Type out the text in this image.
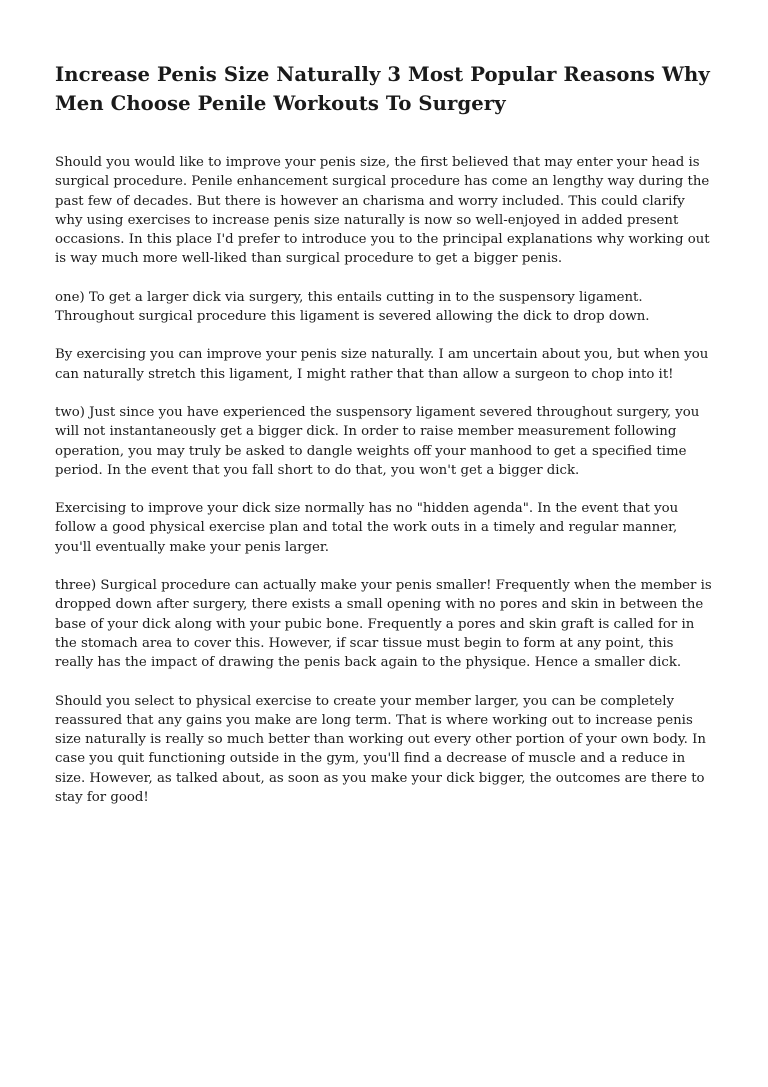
Increase Penis Size Naturally 3 Most Popular Reasons Why Men Choose Penile Workouts To Surgery

Should you would like to improve your penis size, the first believed that may enter your head is surgical procedure. Penile enhancement surgical procedure has come an lengthy way during the past few of decades. But there is however an charisma and worry included. This could clarify why using exercises to increase penis size naturally is now so well-enjoyed in added present occasions. In this place I'd prefer to introduce you to the principal explanations why working out is way much more well-liked than surgical procedure to get a bigger penis.

one) To get a larger dick via surgery, this entails cutting in to the suspensory ligament. Throughout surgical procedure this ligament is severed allowing the dick to drop down.

By exercising you can improve your penis size naturally. I am uncertain about you, but when you can naturally stretch this ligament, I might rather that than allow a surgeon to chop into it!

two) Just since you have experienced the suspensory ligament severed throughout surgery, you will not instantaneously get a bigger dick. In order to raise member measurement following operation, you may truly be asked to dangle weights off your manhood to get a specified time period. In the event that you fall short to do that, you won't get a bigger dick.

Exercising to improve your dick size normally has no "hidden agenda". In the event that you follow a good physical exercise plan and total the work outs in a timely and regular manner, you'll eventually make your penis larger.

three) Surgical procedure can actually make your penis smaller! Frequently when the member is dropped down after surgery, there exists a small opening with no pores and skin in between the base of your dick along with your pubic bone. Frequently a pores and skin graft is called for in the stomach area to cover this. However, if scar tissue must begin to form at any point, this really has the impact of drawing the penis back again to the physique. Hence a smaller dick.

Should you select to physical exercise to create your member larger, you can be completely reassured that any gains you make are long term. That is where working out to increase penis size naturally is really so much better than working out every other portion of your own body. In case you quit functioning outside in the gym, you'll find a decrease of muscle and a reduce in size. However, as talked about, as soon as you make your dick bigger, the outcomes are there to stay for good!
